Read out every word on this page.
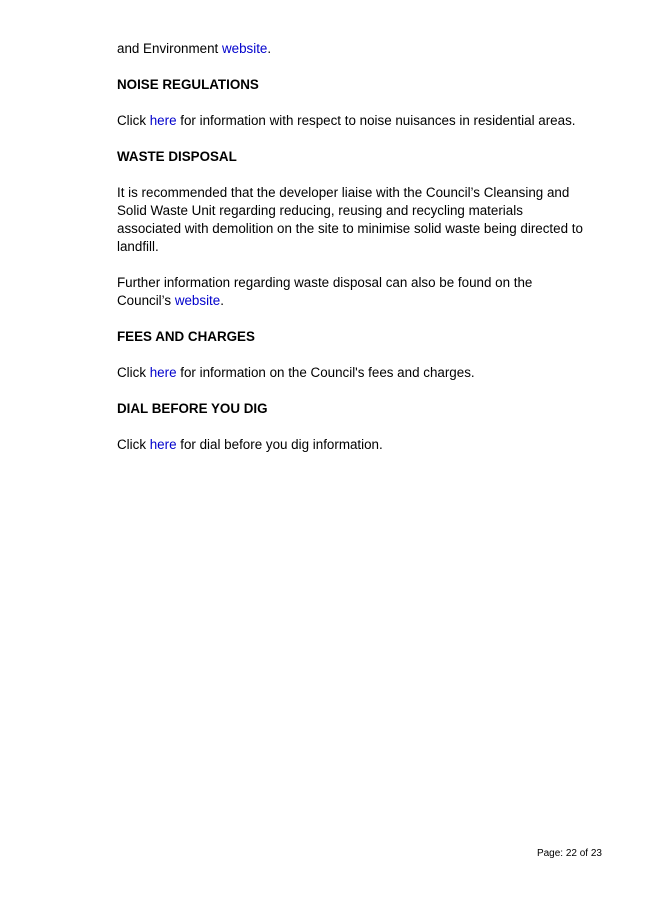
and Environment website.

NOISE REGULATIONS

Click here for information with respect to noise nuisances in residential areas.

WASTE DISPOSAL

It is recommended that the developer liaise with the Council’s Cleansing and Solid Waste Unit regarding reducing, reusing and recycling materials associated with demolition on the site to minimise solid waste being directed to landfill.

Further information regarding waste disposal can also be found on the Council’s website.

FEES AND CHARGES

Click here for information on the Council's fees and charges.

DIAL BEFORE YOU DIG

Click here for dial before you dig information.

Page: 22 of 23
